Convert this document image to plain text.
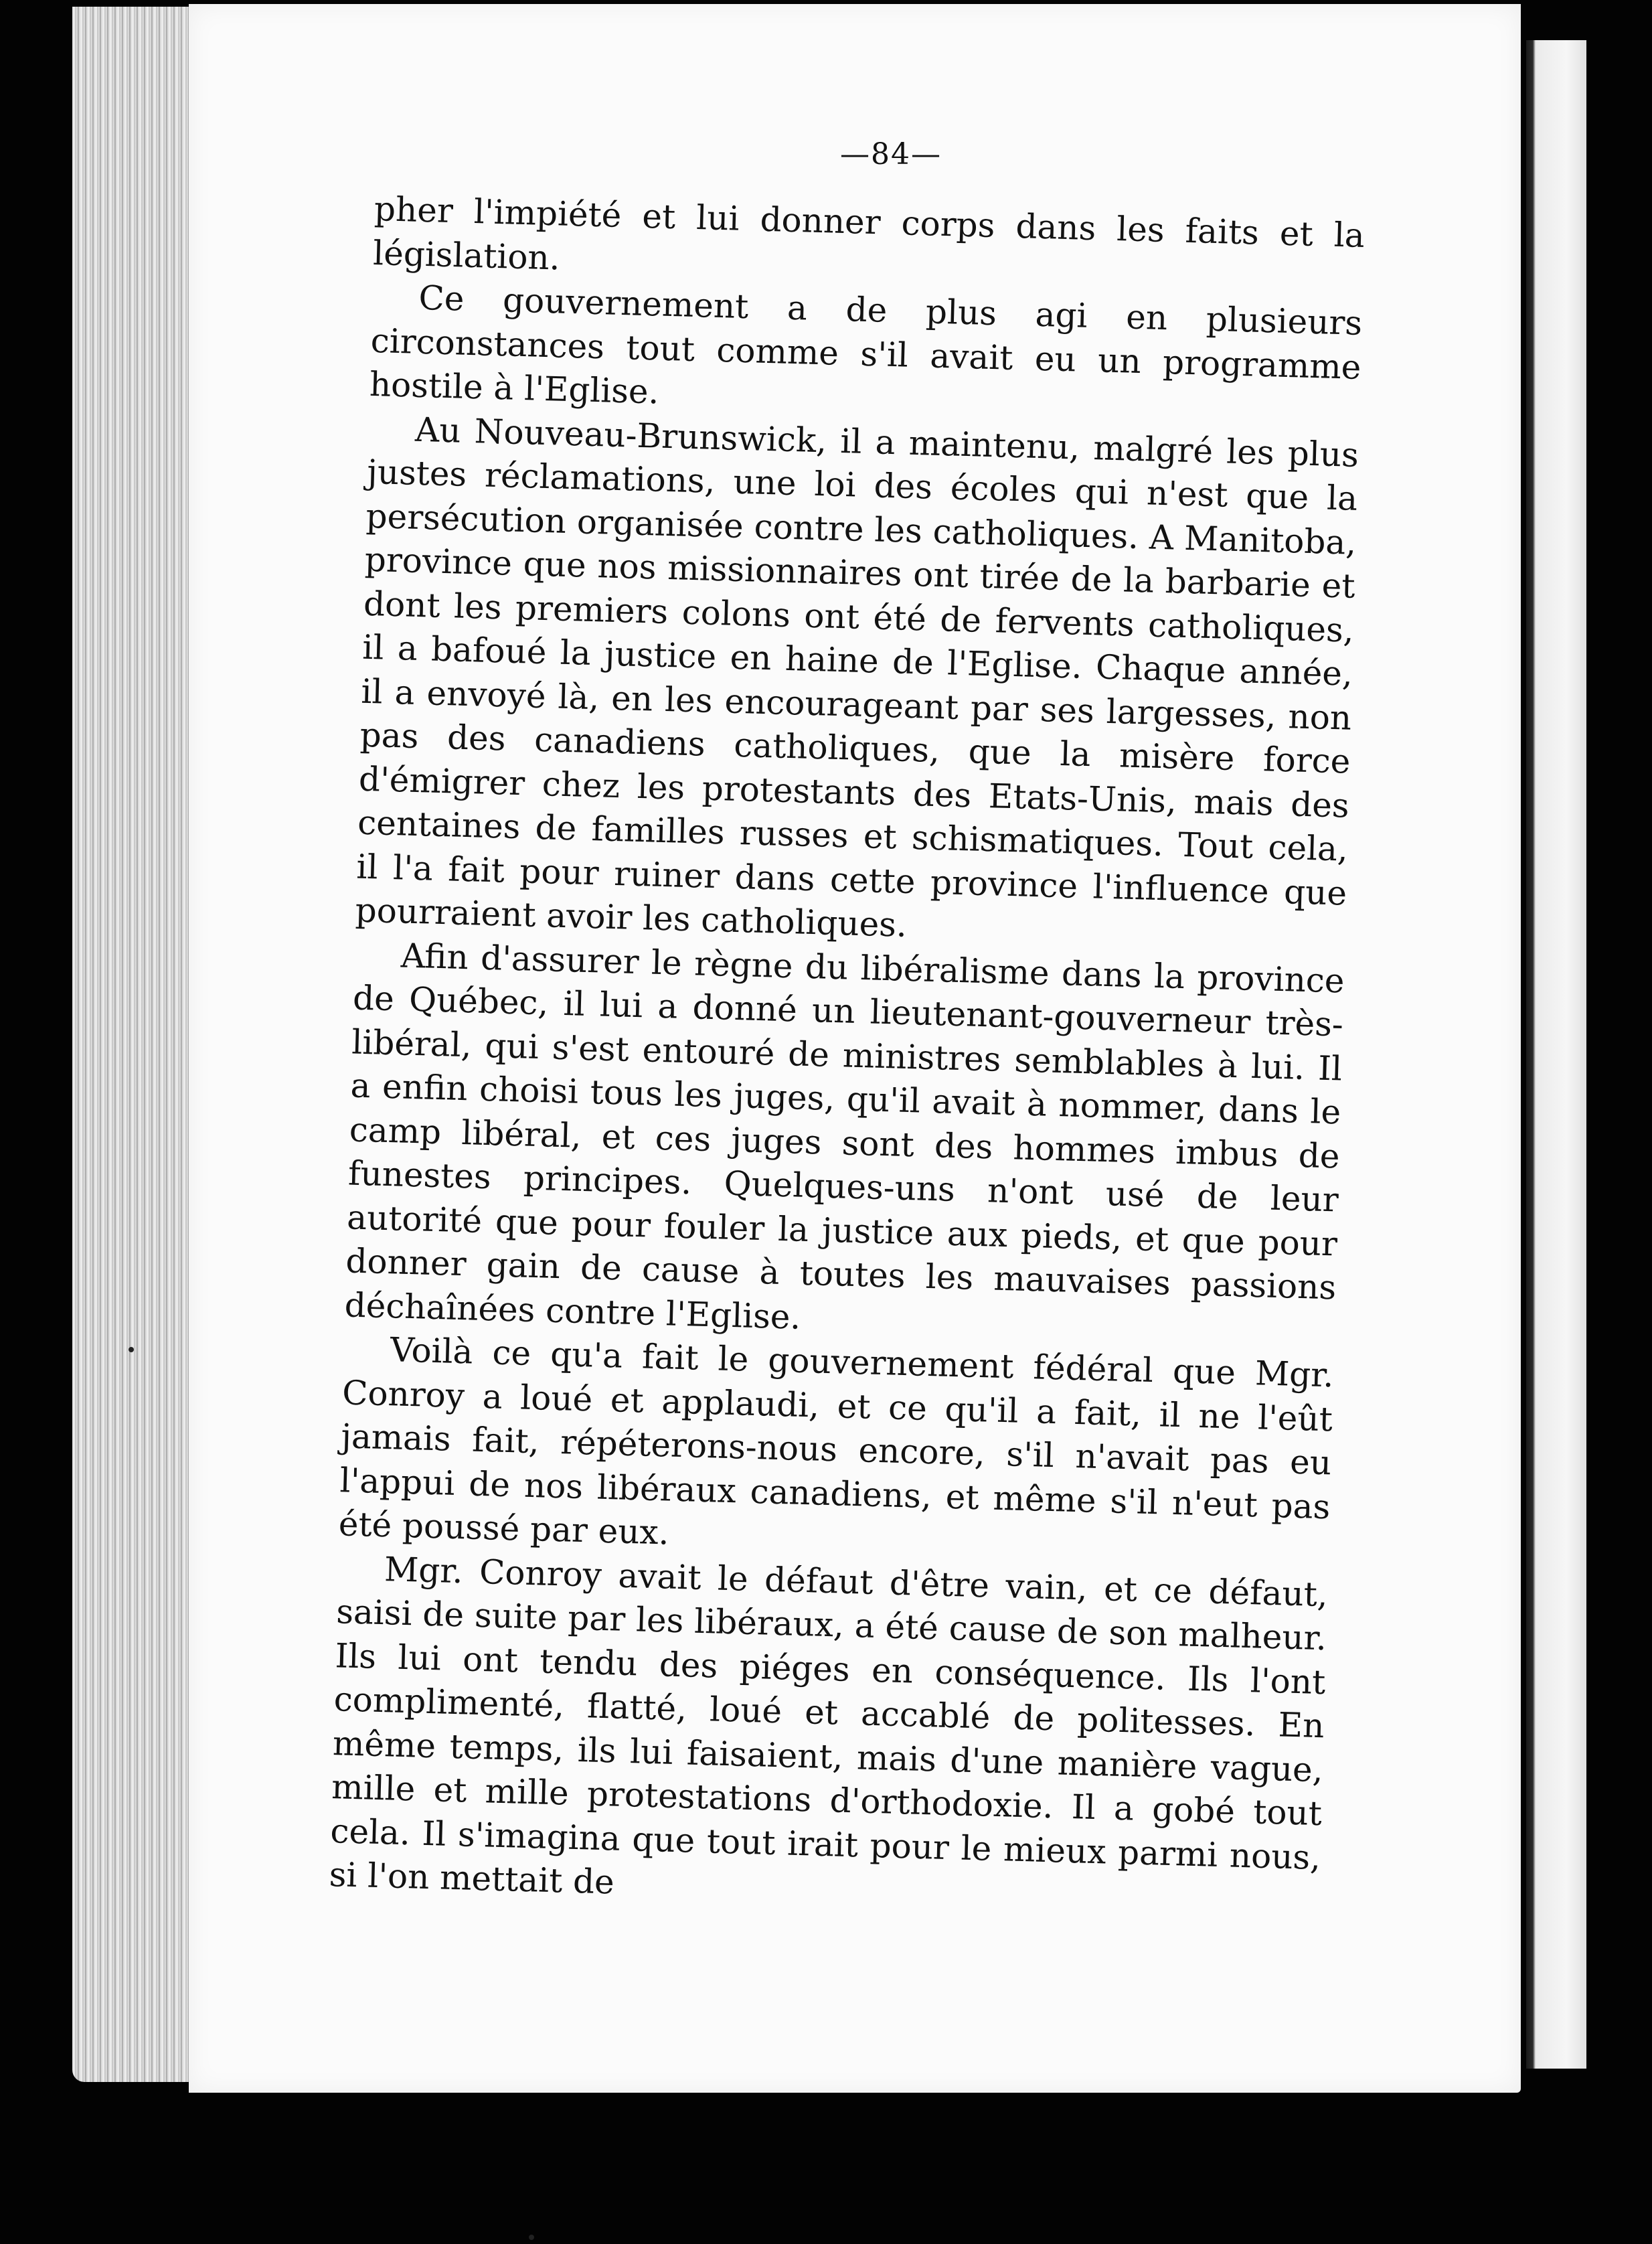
—84—

pher l'impiété et lui donner corps dans les faits et la législation.

Ce gouvernement a de plus agi en plusieurs circonstances tout comme s'il avait eu un programme hostile à l'Eglise.

Au Nouveau-Brunswick, il a maintenu, malgré les plus justes réclamations, une loi des écoles qui n'est que la persécution organisée contre les catholiques. A Manitoba, province que nos missionnaires ont tirée de la barbarie et dont les premiers colons ont été de fervents catholiques, il a bafoué la justice en haine de l'Eglise. Chaque année, il a envoyé là, en les encourageant par ses largesses, non pas des canadiens catholiques, que la misère force d'émigrer chez les protestants des Etats-Unis, mais des centaines de familles russes et schismatiques. Tout cela, il l'a fait pour ruiner dans cette province l'influence que pourraient avoir les catholiques.

Afin d'assurer le règne du libéralisme dans la province de Québec, il lui a donné un lieutenant-gouverneur très-libéral, qui s'est entouré de ministres semblables à lui. Il a enfin choisi tous les juges, qu'il avait à nommer, dans le camp libéral, et ces juges sont des hommes imbus de funestes principes. Quelques-uns n'ont usé de leur autorité que pour fouler la justice aux pieds, et que pour donner gain de cause à toutes les mauvaises passions déchaînées contre l'Eglise.

Voilà ce qu'a fait le gouvernement fédéral que Mgr. Conroy a loué et applaudi, et ce qu'il a fait, il ne l'eût jamais fait, répéterons-nous encore, s'il n'avait pas eu l'appui de nos libéraux canadiens, et même s'il n'eut pas été poussé par eux.

Mgr. Conroy avait le défaut d'être vain, et ce défaut, saisi de suite par les libéraux, a été cause de son malheur. Ils lui ont tendu des piéges en conséquence. Ils l'ont complimenté, flatté, loué et accablé de politesses. En même temps, ils lui faisaient, mais d'une manière vague, mille et mille protestations d'orthodoxie. Il a gobé tout cela. Il s'imagina que tout irait pour le mieux parmi nous, si l'on mettait de
